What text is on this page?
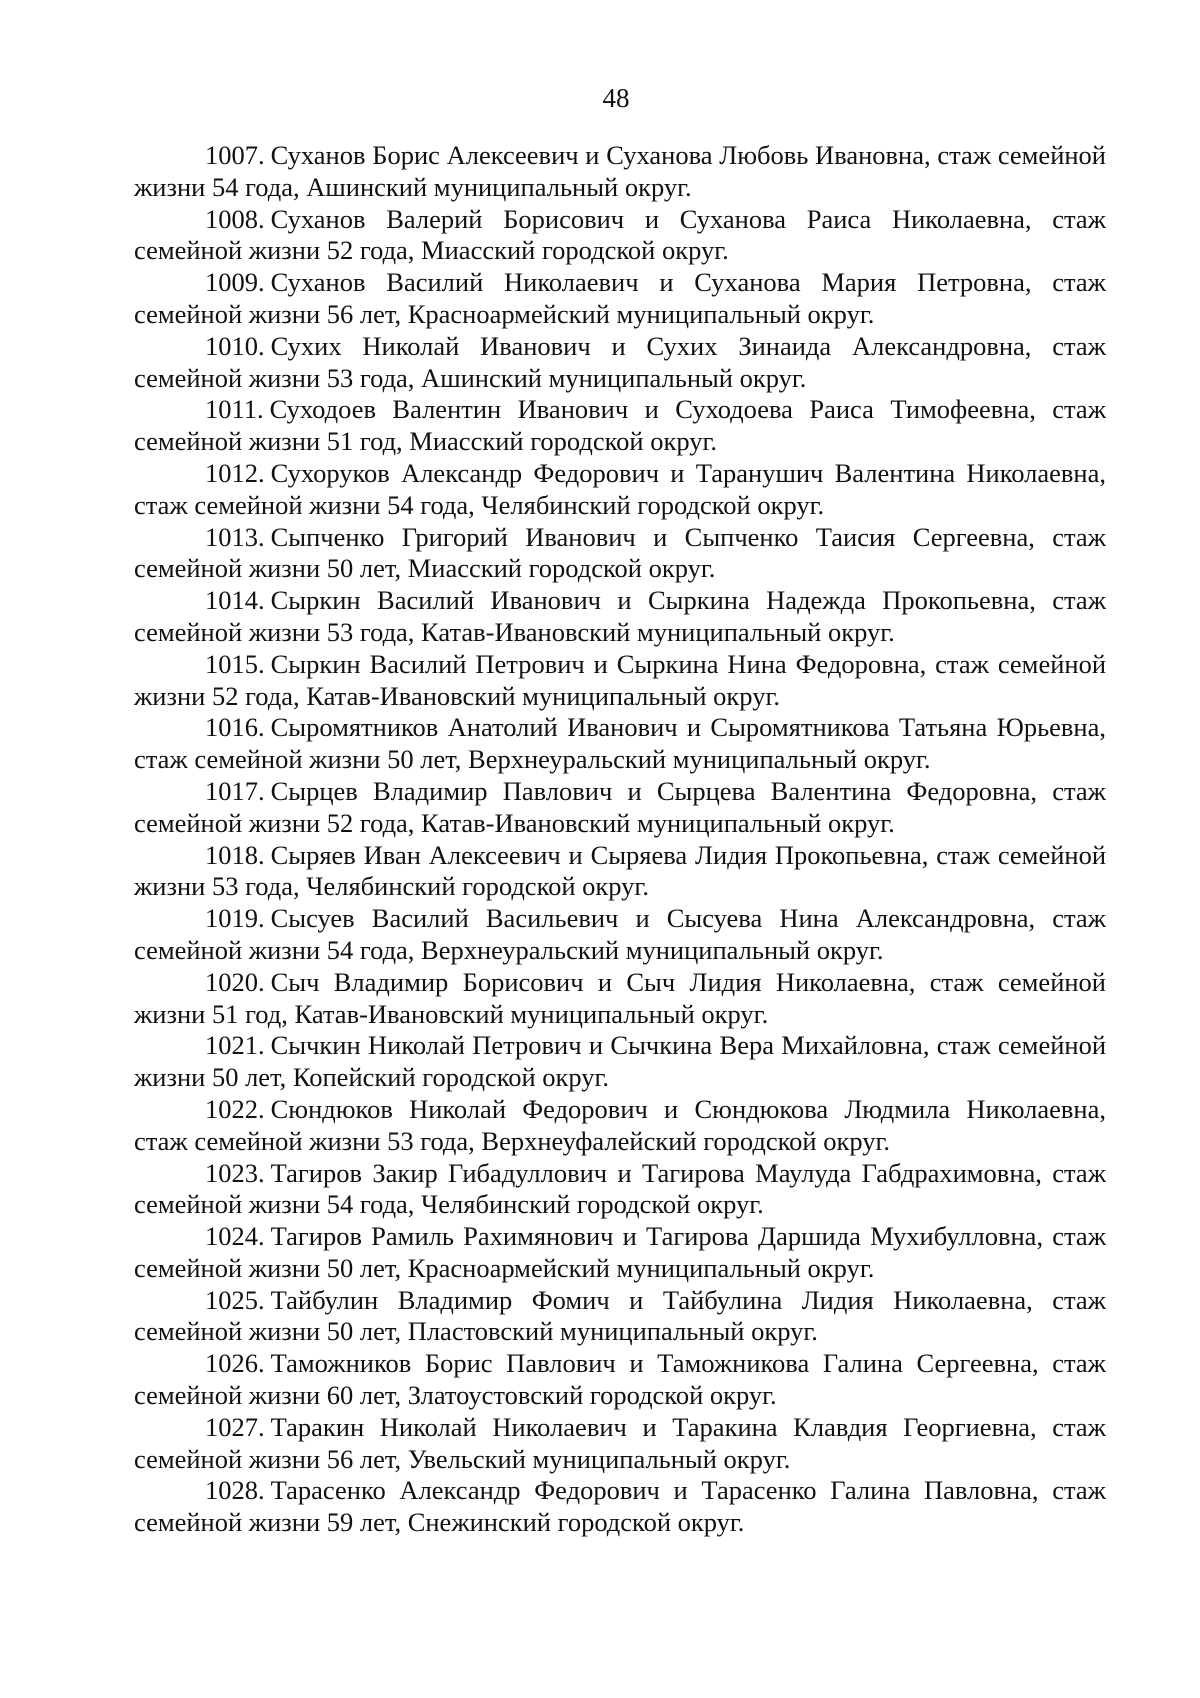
48
1007. Суханов Борис Алексеевич и Суханова Любовь Ивановна, стаж семейной жизни 54 года, Ашинский муниципальный округ.
1008. Суханов Валерий Борисович и Суханова Раиса Николаевна, стаж семейной жизни 52 года, Миасский городской округ.
1009. Суханов Василий Николаевич и Суханова Мария Петровна, стаж семейной жизни 56 лет, Красноармейский муниципальный округ.
1010. Сухих Николай Иванович и Сухих Зинаида Александровна, стаж семейной жизни 53 года, Ашинский муниципальный округ.
1011. Суходоев Валентин Иванович и Суходоева Раиса Тимофеевна, стаж семейной жизни 51 год, Миасский городской округ.
1012. Сухоруков Александр Федорович и Таранушич Валентина Николаевна, стаж семейной жизни 54 года, Челябинский городской округ.
1013. Сыпченко Григорий Иванович и Сыпченко Таисия Сергеевна, стаж семейной жизни 50 лет, Миасский городской округ.
1014. Сыркин Василий Иванович и Сыркина Надежда Прокопьевна, стаж семейной жизни 53 года, Катав-Ивановский муниципальный округ.
1015. Сыркин Василий Петрович и Сыркина Нина Федоровна, стаж семейной жизни 52 года, Катав-Ивановский муниципальный округ.
1016. Сыромятников Анатолий Иванович и Сыромятникова Татьяна Юрьевна, стаж семейной жизни 50 лет, Верхнеуральский муниципальный округ.
1017. Сырцев Владимир Павлович и Сырцева Валентина Федоровна, стаж семейной жизни 52 года, Катав-Ивановский муниципальный округ.
1018. Сыряев Иван Алексеевич и Сыряева Лидия Прокопьевна, стаж семейной жизни 53 года, Челябинский городской округ.
1019. Сысуев Василий Васильевич и Сысуева Нина Александровна, стаж семейной жизни 54 года, Верхнеуральский муниципальный округ.
1020. Сыч Владимир Борисович и Сыч Лидия Николаевна, стаж семейной жизни 51 год, Катав-Ивановский муниципальный округ.
1021. Сычкин Николай Петрович и Сычкина Вера Михайловна, стаж семейной жизни 50 лет, Копейский городской округ.
1022. Сюндюков Николай Федорович и Сюндюкова Людмила Николаевна, стаж семейной жизни 53 года, Верхнеуфалейский городской округ.
1023. Тагиров Закир Гибадуллович и Тагирова Маулуда Габдрахимовна, стаж семейной жизни 54 года, Челябинский городской округ.
1024. Тагиров Рамиль Рахимянович и Тагирова Даршида Мухибулловна, стаж семейной жизни 50 лет, Красноармейский муниципальный округ.
1025. Тайбулин Владимир Фомич и Тайбулина Лидия Николаевна, стаж семейной жизни 50 лет, Пластовский муниципальный округ.
1026. Таможников Борис Павлович и Таможникова Галина Сергеевна, стаж семейной жизни 60 лет, Златоустовский городской округ.
1027. Таракин Николай Николаевич и Таракина Клавдия Георгиевна, стаж семейной жизни 56 лет, Увельский муниципальный округ.
1028. Тарасенко Александр Федорович и Тарасенко Галина Павловна, стаж семейной жизни 59 лет, Снежинский городской округ.
